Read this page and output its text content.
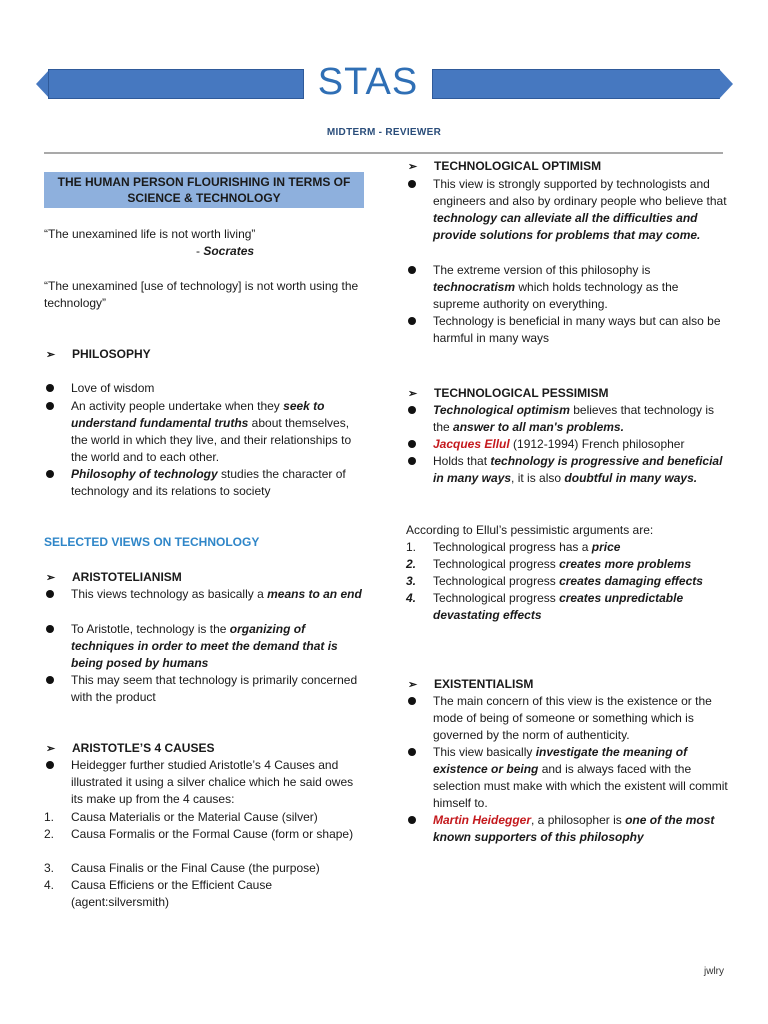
STAS
MIDTERM - REVIEWER
THE HUMAN PERSON FLOURISHING IN TERMS OF SCIENCE & TECHNOLOGY
“The unexamined life is not worth living”
- Socrates
“The unexamined [use of technology] is not worth using the technology”
➢ PHILOSOPHY
Love of wisdom
An activity people undertake when they seek to understand fundamental truths about themselves, the world in which they live, and their relationships to the world and to each other.
Philosophy of technology studies the character of technology and its relations to society
SELECTED VIEWS ON TECHNOLOGY
➢ ARISTOTELIANISM
This views technology as basically a means to an end
To Aristotle, technology is the organizing of techniques in order to meet the demand that is being posed by humans
This may seem that technology is primarily concerned with the product
➢ ARISTOTLE’S 4 CAUSES
Heidegger further studied Aristotle’s 4 Causes and illustrated it using a silver chalice which he said owes its make up from the 4 causes:
1. Causa Materialis or the Material Cause (silver)
2. Causa Formalis or the Formal Cause (form or shape)
3. Causa Finalis or the Final Cause (the purpose)
4. Causa Efficiens or the Efficient Cause (agent:silversmith)
➢ TECHNOLOGICAL OPTIMISM
This view is strongly supported by technologists and engineers and also by ordinary people who believe that technology can alleviate all the difficulties and provide solutions for problems that may come.
The extreme version of this philosophy is technocratism which holds technology as the supreme authority on everything.
Technology is beneficial in many ways but can also be harmful in many ways
➢ TECHNOLOGICAL PESSIMISM
Technological optimism believes that technology is the answer to all man's problems.
Jacques Ellul (1912-1994) French philosopher
Holds that technology is progressive and beneficial in many ways, it is also doubtful in many ways.
According to Ellul’s pessimistic arguments are:
1. Technological progress has a price
2. Technological progress creates more problems
3. Technological progress creates damaging effects
4. Technological progress creates unpredictable devastating effects
➢ EXISTENTIALISM
The main concern of this view is the existence or the mode of being of someone or something which is governed by the norm of authenticity.
This view basically investigate the meaning of existence or being and is always faced with the selection must make with which the existent will commit himself to.
Martin Heidegger, a philosopher is one of the most known supporters of this philosophy
jwlry
